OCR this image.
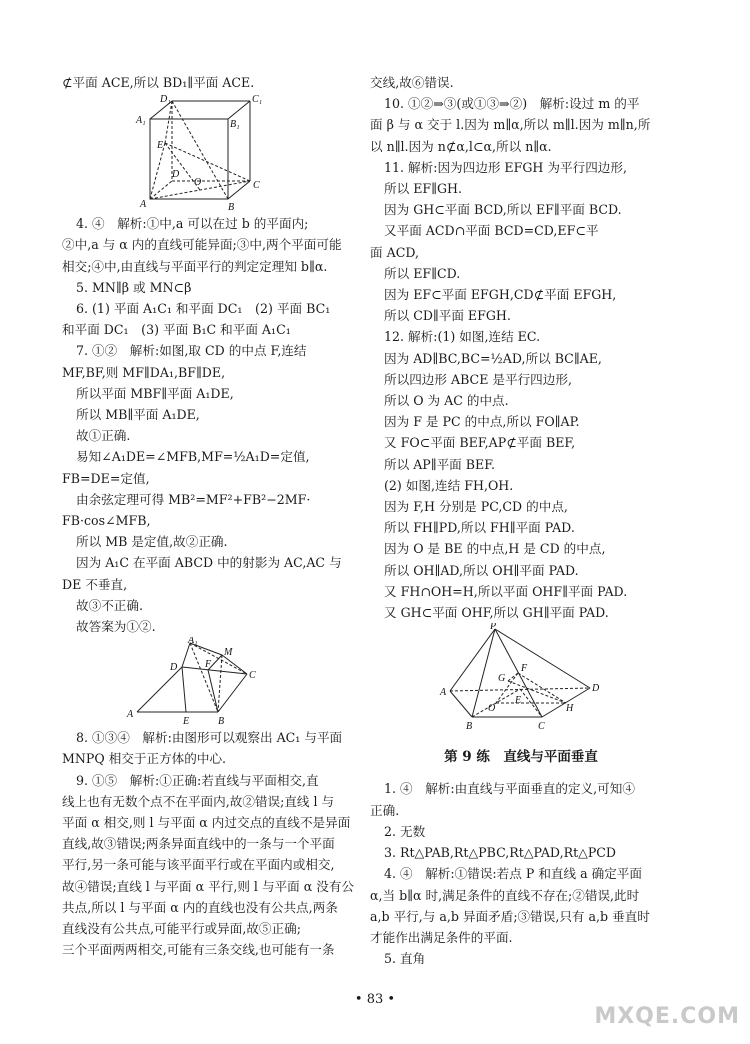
⊄平面 ACE,所以 BD₁∥平面 ACE.

D₁	C₁
A₁	B₁
E
D
O	C
A	B

4. ④　解析:①中,a 可以在过 b 的平面内;

②中,a 与 α 内的直线可能异面;③中,两个平面可能

相交;④中,由直线与平面平行的判定定理知 b∥α.

5. MN∥β 或 MN⊂β

6. (1) 平面 A₁C₁ 和平面 DC₁　(2) 平面 BC₁

和平面 DC₁　(3) 平面 B₁C 和平面 A₁C₁

7. ①②　解析:如图,取 CD 的中点 F,连结

MF,BF,则 MF∥DA₁,BF∥DE,

所以平面 MBF∥平面 A₁DE,

所以 MB∥平面 A₁DE,

故①正确.

易知∠A₁DE=∠MFB,MF=½A₁D=定值,

FB=DE=定值,

由余弦定理可得 MB²=MF²+FB²−2MF·

FB·cos∠MFB,

所以 MB 是定值,故②正确.

因为 A₁C 在平面 ABCD 中的射影为 AC,AC 与

DE 不垂直,

故③不正确.

故答案为①②.

A₁
M
D	F
C
A
E	B

8. ①③④　解析:由图形可以观察出 AC₁ 与平面

MNPQ 相交于正方体的中心.

9. ①⑤　解析:①正确:若直线与平面相交,直

线上也有无数个点不在平面内,故②错误;直线 l 与

平面 α 相交,则 l 与平面 α 内过交点的直线不是异面

直线,故③错误;两条异面直线中的一条与一个平面

平行,另一条可能与该平面平行或在平面内或相交,

故④错误;直线 l 与平面 α 平行,则 l 与平面 α 没有公

共点,所以 l 与平面 α 内的直线也没有公共点,两条

直线没有公共点,可能平行或异面,故⑤正确;

三个平面两两相交,可能有三条交线,也可能有一条

交线,故⑥错误.

10. ①②⇒③(或①③⇒②)　解析:设过 m 的平

面 β 与 α 交于 l.因为 m∥α,所以 m∥l.因为 m∥n,所

以 n∥l.因为 n⊄α,l⊂α,所以 n∥α.

11. 解析:因为四边形 EFGH 为平行四边形,

所以 EF∥GH.

因为 GH⊂平面 BCD,所以 EF∥平面 BCD.

又平面 ACD∩平面 BCD=CD,EF⊂平

面 ACD,

所以 EF∥CD.

因为 EF⊂平面 EFGH,CD⊄平面 EFGH,

所以 CD∥平面 EFGH.

12. 解析:(1) 如图,连结 EC.

因为 AD∥BC,BC=½AD,所以 BC∥AE,

所以四边形 ABCE 是平行四边形,

所以 O 为 AC 的中点.

因为 F 是 PC 的中点,所以 FO∥AP.

又 FO⊂平面 BEF,AP⊄平面 BEF,

所以 AP∥平面 BEF.

(2) 如图,连结 FH,OH.

因为 F,H 分别是 PC,CD 的中点,

所以 FH∥PD,所以 FH∥平面 PAD.

因为 O 是 BE 的中点,H 是 CD 的中点,

所以 OH∥AD,所以 OH∥平面 PAD.

又 FH∩OH=H,所以平面 OHF∥平面 PAD.

又 GH⊂平面 OHF,所以 GH∥平面 PAD.

P
A
G
F
O
E
D
H
B	C
第 9 练　直线与平面垂直

1. ④　解析:由直线与平面垂直的定义,可知④

正确.

2. 无数

3. Rt△PAB,Rt△PBC,Rt△PAD,Rt△PCD

4. ④　解析:①错误:若点 P 和直线 a 确定平面

α,当 b∥α 时,满足条件的直线不存在;②错误,此时

a,b 平行,与 a,b 异面矛盾;③错误,只有 a,b 垂直时

才能作出满足条件的平面.

5. 直角

• 83 •
MXQE.COM
